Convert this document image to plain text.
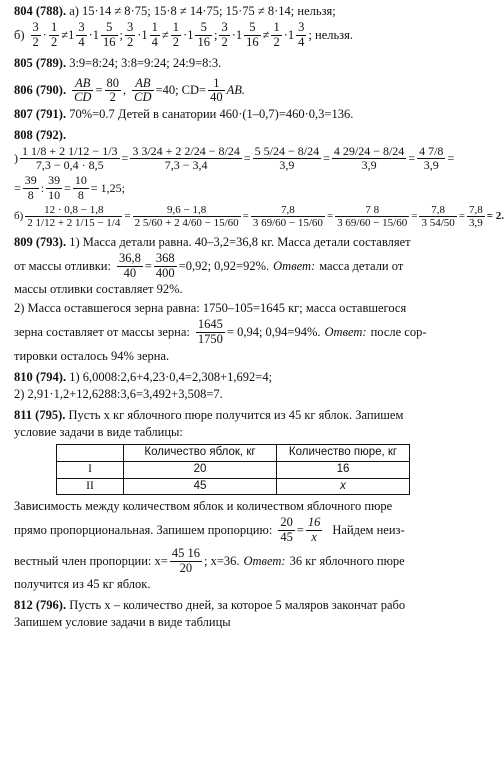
804 (788). а) 15·14 ≠ 8·75; 15·8 ≠ 14·75; 15·75 ≠ 8·14; нельзя;
$б) \frac{3}{2} \cdot \frac{1}{2} \ne 1 \frac{3}{4} \cdot 1 \frac{5}{16}$ ; $\frac{3}{2} \cdot 1 \frac{1}{4} \ne \frac{1}{2} \cdot 1 \frac{5}{16}$ ; $\frac{3}{2} \cdot 1 \frac{5}{16} \ne \frac{1}{2} \cdot 1 \frac{3}{4}$ ; нельзя.
805 (789). 3:9=8:24; 3:8=9:24; 24:9=8:3.
806 (790). $\frac{AB}{CD} = \frac{80}{2}$ , $\frac{AB}{CD} =40$; $CD= \frac{1}{40}$ AB.
807 (791). 70%=0.7 Детей в санатории 460·(1–0,7)=460·0,3=136.
808 (792).
) $\frac{1 1/8 + 2 1/12 - 1/3}{7,3 - 0,4 \cdot 8,5} = \frac{3 3/24 + 2 2/24 - 8/24}{7,3 - 3,4} = \frac{5 5/24 - 8/24}{3,9} = \frac{4 29/24 - 8/24}{3,9} = \frac{4 7/8}{3,9}$ =
= $\frac{39}{8}$ : $\frac{39}{10} = \frac{10}{8} = 1,25$;
$б) \frac{12 \cdot 0,8 - 1,8}{2 1/12 + 2 1/15 - 1/4} = \frac{9,6 - 1,8}{2 5/60 + 2 4/60 - 15/60} = \frac{7,8}{3 69/60 - 15/60} = \frac{7 8}{3 69/60 - 15/60} = \frac{7,8}{3 54/50} = \frac{7,8}{3,9} = 2$.
809 (793). 1) Масса детали равна. 40–3,2=36,8 кг. Масса детали составляет
от массы отливки: $\frac{36,8}{40} = \frac{368}{400} =0,92$; 0,92=92%. Ответ: масса детали от
массы отливки составляет 92%.
2) Масса оставшегося зерна равна: 1750–105=1645 кг; масса оставшегося
зерна составляет от массы зерна: $\frac{1645}{1750} = 0,94$; 0,94=94%. Ответ: после сор-
тировки осталось 94% зерна.
810 (794). 1) 6,0008:2,6+4,23·0,4=2,308+1,692=4;
2) 2,91·1,2+12,6288:3,6=3,492+3,508=7.
811 (795). Пусть x кг яблочного пюре получится из 45 кг яблок. Запишем
условие задачи в виде таблицы:
	Количество яблок, кг	Количество пюре, кг
I	20	16
II	45	x
Зависимость между количеством яблок и количеством яблочного пюре
прямо пропорциональная. Запишем пропорцию: $\frac{20}{45} = \frac{16}{x}$ Найдем неиз-
вестный член пропорции: $x= \frac{45 16}{20}$ ; x=36. Ответ: 36 кг яблочного пюре
получится из 45 кг яблок.
812 (796). Пусть x – количество дней, за которое 5 маляров закончат рабо
Запишем условие задачи в виде таблицы
